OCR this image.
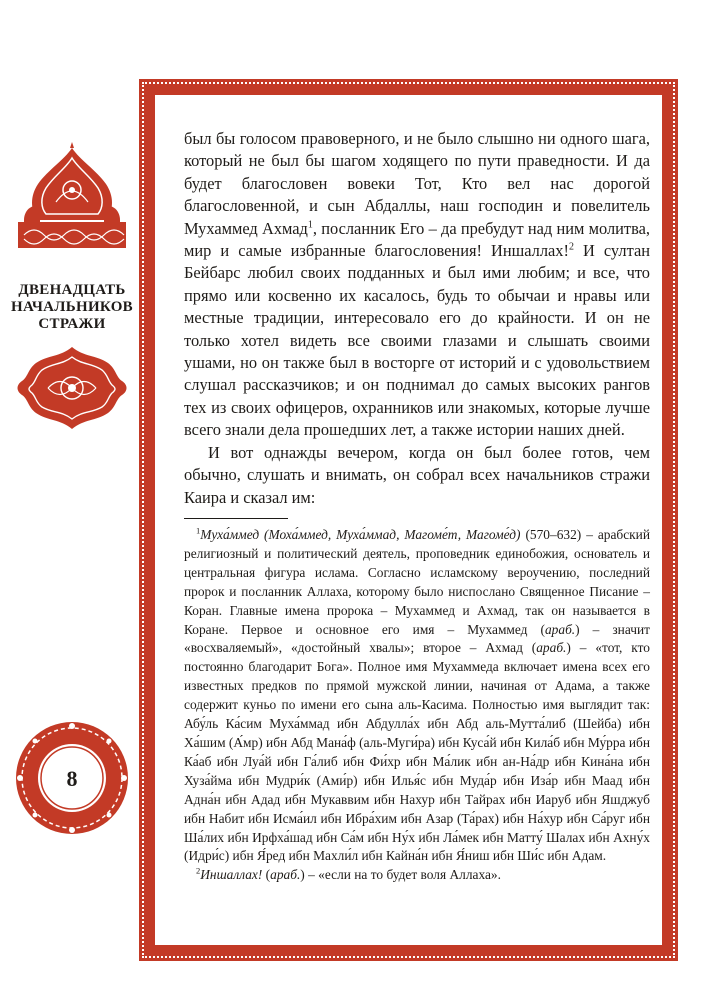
ДВЕНАДЦАТЬ
НАЧАЛЬНИКОВ
СТРАЖИ
8

был бы голосом правоверного, и не было слышно ни одного шага, который не был бы шагом ходящего по пути праведности. И да будет благословен вовеки Тот, Кто вел нас дорогой благословенной, и сын Абдаллы, наш господин и повелитель Мухаммед Ахмад$^1$, посланник Его – да пребудут над ним молитва, мир и самые избранные благословения! Иншаллах!$^2$ И султан Бейбарс любил своих подданных и был ими любим; и все, что прямо или косвенно их касалось, будь то обычаи и нравы или местные традиции, интересовало его до крайности. И он не только хотел видеть все своими глазами и слышать своими ушами, но он также был в восторге от историй и с удовольствием слушал рассказчиков; и он поднимал до самых высоких рангов тех из своих офицеров, охранников или знакомых, которые лучше всего знали дела прошедших лет, а также истории наших дней.

И вот однажды вечером, когда он был более готов, чем обычно, слушать и внимать, он собрал всех начальников стражи Каира и сказал им:

$^1$Муха́ммед (Моха́ммед, Муха́ммад, Магоме́т, Магоме́д) (570–632) – арабский религиозный и политический деятель, проповедник единобожия, основатель и центральная фигура ислама. Согласно исламскому вероучению, последний пророк и посланник Аллаха, которому было ниспослано Священное Писание – Коран. Главные имена пророка – Мухаммед и Ахмад, так он называется в Коране. Первое и основное его имя – Мухаммед (араб.) – значит «восхваляемый», «достойный хвалы»; второе – Ахмад (араб.) – «тот, кто постоянно благодарит Бога». Полное имя Мухаммеда включает имена всех его известных предков по прямой мужской линии, начиная от Адама, а также содержит куньо по имени его сына аль-Касима. Полностью имя выглядит так: Абу́ль Ка́сим Муха́ммад ибн Абдулла́х ибн Абд аль-Мутта́либ (Шейба) ибн Ха́шим (А́мр) ибн Абд Мана́ф (аль-Муги́ра) ибн Куса́й ибн Кила́б ибн Му́рра ибн Ка́аб ибн Луа́й ибн Га́либ ибн Фи́хр ибн Ма́лик ибн ан-На́др ибн Кина́на ибн Хуза́йма ибн Мудри́к (Ами́р) ибн Илья́с ибн Муда́р ибн Иза́р ибн Маад ибн Адна́н ибн Адад ибн Мукаввим ибн Нахур ибн Тайрах ибн Иаруб ибн Яшджуб ибн Набит ибн Исма́ил ибн Ибра́хим ибн Азар (Та́рах) ибн На́хур ибн Са́руг ибн Ша́лих ибн Ирфха́шад ибн Са́м ибн Ну́х ибн Ла́мек ибн Матту́ Шалах ибн Ахну́х (Идри́с) ибн Я́ред ибн Махли́л ибн Кайна́н ибн Я́ниш ибн Ши́с ибн Адам.

$^2$Иншаллах! (араб.) – «если на то будет воля Аллаха».
